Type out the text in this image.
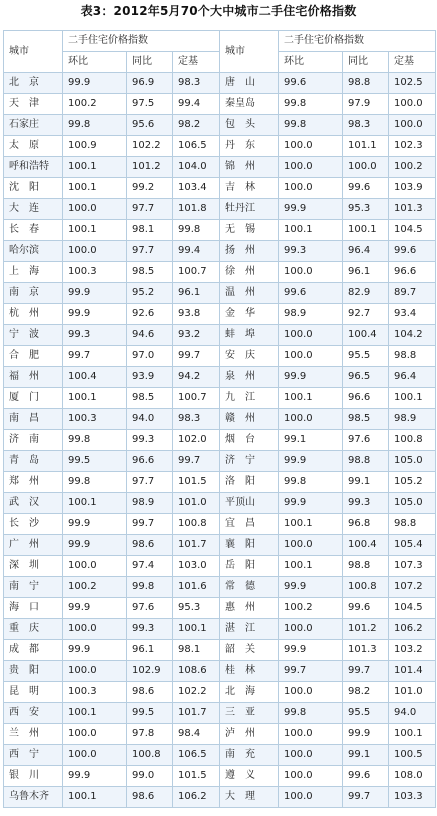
表3：2012年5月70个大中城市二手住宅价格指数
城市	二手住宅价格指数			城市	二手住宅价格指数		
	环比	同比	定基		环比	同比	定基
北　京	99.9	96.9	98.3	唐　山	99.6	98.8	102.5
天　津	100.2	97.5	99.4	秦皇岛	99.8	97.9	100.0
石家庄	99.8	95.6	98.2	包　头	99.8	98.3	100.0
太　原	100.9	102.2	106.5	丹　东	100.0	101.1	102.3
呼和浩特	100.1	101.2	104.0	锦　州	100.0	100.0	100.2
沈　阳	100.1	99.2	103.4	吉　林	100.0	99.6	103.9
大　连	100.0	97.7	101.8	牡丹江	99.9	95.3	101.3
长　春	100.1	98.1	99.8	无　锡	100.1	100.1	104.5
哈尔滨	100.0	97.7	99.4	扬　州	99.3	96.4	99.6
上　海	100.3	98.5	100.7	徐　州	100.0	96.1	96.6
南　京	99.9	95.2	96.1	温　州	99.6	82.9	89.7
杭　州	99.9	92.6	93.8	金　华	98.9	92.7	93.4
宁　波	99.3	94.6	93.2	蚌　埠	100.0	100.4	104.2
合　肥	99.7	97.0	99.7	安　庆	100.0	95.5	98.8
福　州	100.4	93.9	94.2	泉　州	99.9	96.5	96.4
厦　门	100.1	98.5	100.7	九　江	100.1	96.6	100.1
南　昌	100.3	94.0	98.3	赣　州	100.0	98.5	98.9
济　南	99.8	99.3	102.0	烟　台	99.1	97.6	100.8
青　岛	99.5	96.6	99.7	济　宁	99.9	98.8	105.0
郑　州	99.8	97.7	101.5	洛　阳	99.8	99.1	105.2
武　汉	100.1	98.9	101.0	平顶山	99.9	99.3	105.0
长　沙	99.9	99.7	100.8	宜　昌	100.1	96.8	98.8
广　州	99.9	98.6	101.7	襄　阳	100.0	100.4	105.4
深　圳	100.0	97.4	103.0	岳　阳	100.1	98.8	107.3
南　宁	100.2	99.8	101.6	常　德	99.9	100.8	107.2
海　口	99.9	97.6	95.3	惠　州	100.2	99.6	104.5
重　庆	100.0	99.3	100.1	湛　江	100.0	101.2	106.2
成　都	99.9	96.1	98.1	韶　关	99.9	101.3	103.2
贵　阳	100.0	102.9	108.6	桂　林	99.7	99.7	101.4
昆　明	100.3	98.6	102.2	北　海	100.0	98.2	101.0
西　安	100.1	99.5	101.7	三　亚	99.8	95.5	94.0
兰　州	100.0	97.8	98.4	泸　州	100.0	99.9	100.1
西　宁	100.0	100.8	106.5	南　充	100.0	99.1	100.5
银　川	99.9	99.0	101.5	遵　义	100.0	99.6	108.0
乌鲁木齐	100.1	98.6	106.2	大　理	100.0	99.7	103.3
